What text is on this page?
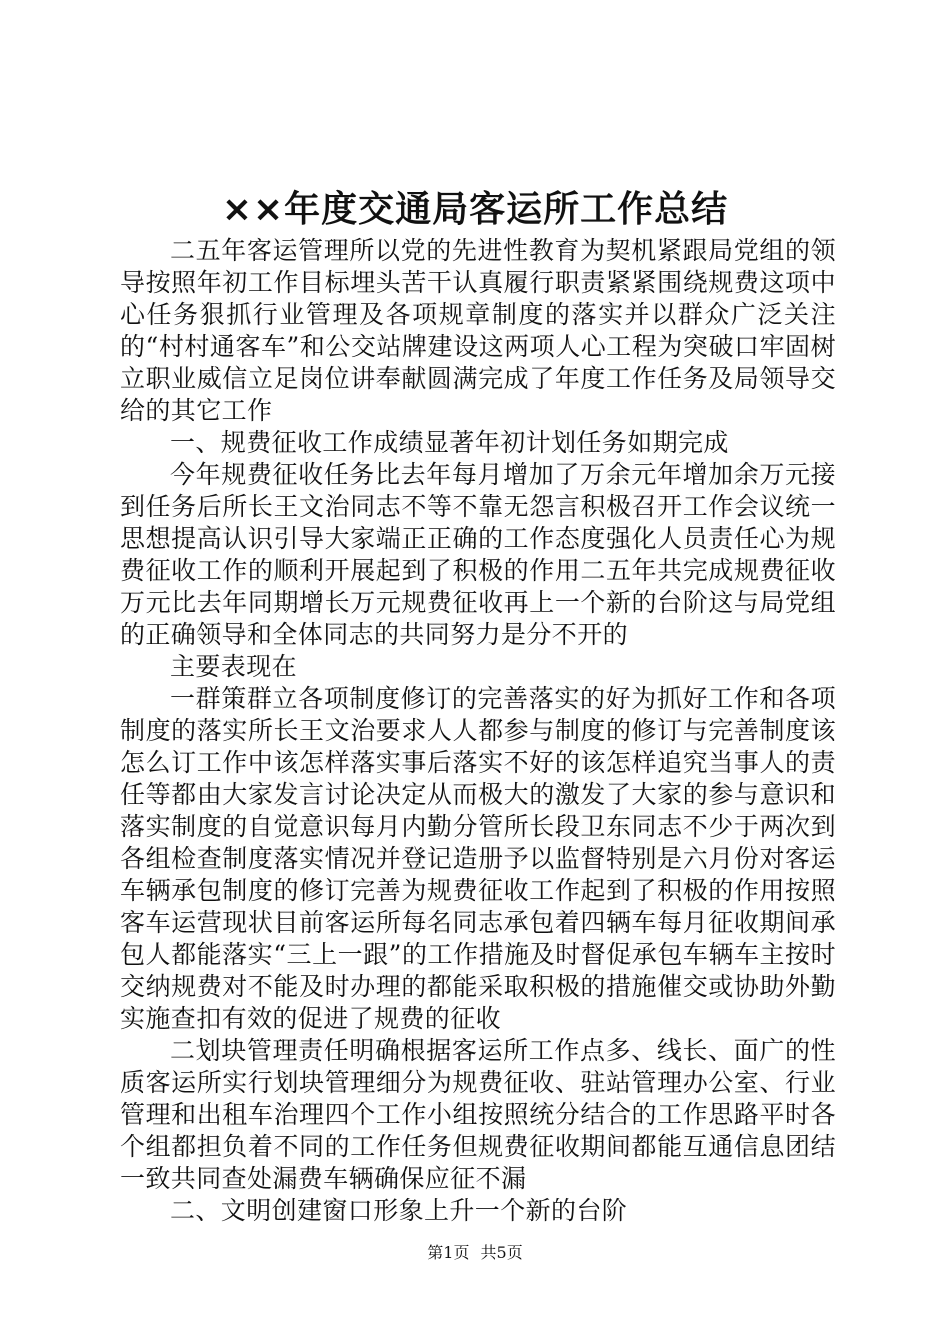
××年度交通局客运所工作总结

二五年客运管理所以党的先进性教育为契机紧跟局党组的领导按照年初工作目标埋头苦干认真履行职责紧紧围绕规费这项中心任务狠抓行业管理及各项规章制度的落实并以群众广泛关注的“村村通客车”和公交站牌建设这两项人心工程为突破口牢固树立职业威信立足岗位讲奉献圆满完成了年度工作任务及局领导交给的其它工作

一、规费征收工作成绩显著年初计划任务如期完成

今年规费征收任务比去年每月增加了万余元年增加余万元接到任务后所长王文治同志不等不靠无怨言积极召开工作会议统一思想提高认识引导大家端正正确的工作态度强化人员责任心为规费征收工作的顺利开展起到了积极的作用二五年共完成规费征收万元比去年同期增长万元规费征收再上一个新的台阶这与局党组的正确领导和全体同志的共同努力是分不开的

主要表现在

一群策群立各项制度修订的完善落实的好为抓好工作和各项制度的落实所长王文治要求人人都参与制度的修订与完善制度该怎么订工作中该怎样落实事后落实不好的该怎样追究当事人的责任等都由大家发言讨论决定从而极大的激发了大家的参与意识和落实制度的自觉意识每月内勤分管所长段卫东同志不少于两次到各组检查制度落实情况并登记造册予以监督特别是六月份对客运车辆承包制度的修订完善为规费征收工作起到了积极的作用按照客车运营现状目前客运所每名同志承包着四辆车每月征收期间承包人都能落实“三上一跟”的工作措施及时督促承包车辆车主按时交纳规费对不能及时办理的都能采取积极的措施催交或协助外勤实施查扣有效的促进了规费的征收

二划块管理责任明确根据客运所工作点多、线长、面广的性质客运所实行划块管理细分为规费征收、驻站管理办公室、行业管理和出租车治理四个工作小组按照统分结合的工作思路平时各个组都担负着不同的工作任务但规费征收期间都能互通信息团结一致共同查处漏费车辆确保应征不漏

二、文明创建窗口形象上升一个新的台阶

第1页 共5页
